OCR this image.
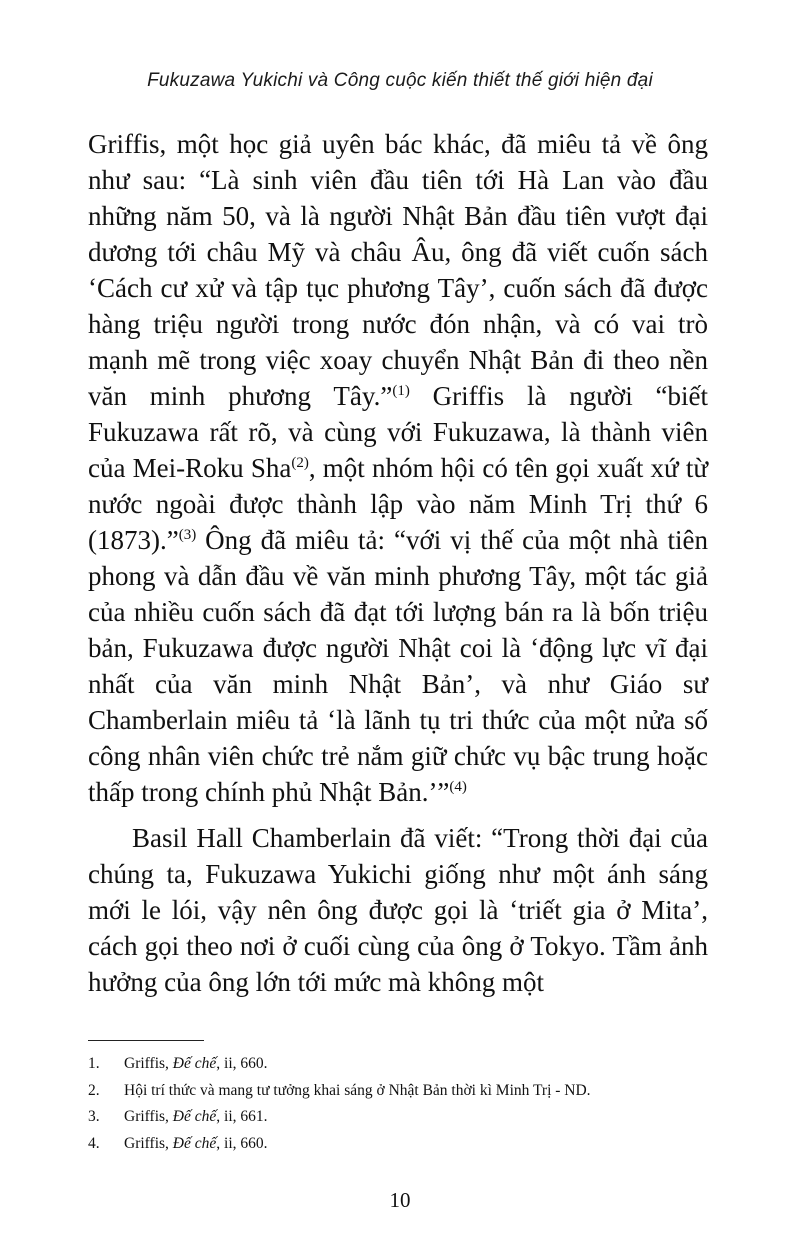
Fukuzawa Yukichi và Công cuộc kiến thiết thế giới hiện đại

Griffis, một học giả uyên bác khác, đã miêu tả về ông như sau: “Là sinh viên đầu tiên tới Hà Lan vào đầu những năm 50, và là người Nhật Bản đầu tiên vượt đại dương tới châu Mỹ và châu Âu, ông đã viết cuốn sách ‘Cách cư xử và tập tục phương Tây’, cuốn sách đã được hàng triệu người trong nước đón nhận, và có vai trò mạnh mẽ trong việc xoay chuyển Nhật Bản đi theo nền văn minh phương Tây.”$^{(1)}$ Griffis là người “biết Fukuzawa rất rõ, và cùng với Fukuzawa, là thành viên của Mei-Roku Sha$^{(2)}$, một nhóm hội có tên gọi xuất xứ từ nước ngoài được thành lập vào năm Minh Trị thứ 6 (1873).”$^{(3)}$ Ông đã miêu tả: “với vị thế của một nhà tiên phong và dẫn đầu về văn minh phương Tây, một tác giả của nhiều cuốn sách đã đạt tới lượng bán ra là bốn triệu bản, Fukuzawa được người Nhật coi là ‘động lực vĩ đại nhất của văn minh Nhật Bản’, và như Giáo sư Chamberlain miêu tả ‘là lãnh tụ tri thức của một nửa số công nhân viên chức trẻ nắm giữ chức vụ bậc trung hoặc thấp trong chính phủ Nhật Bản.’”$^{(4)}$

Basil Hall Chamberlain đã viết: “Trong thời đại của chúng ta, Fukuzawa Yukichi giống như một ánh sáng mới le lói, vậy nên ông được gọi là ‘triết gia ở Mita’, cách gọi theo nơi ở cuối cùng của ông ở Tokyo. Tầm ảnh hưởng của ông lớn tới mức mà không một

1. Griffis, Đế chế, ii, 660.
2. Hội trí thức và mang tư tưởng khai sáng ở Nhật Bản thời kì Minh Trị - ND.
3. Griffis, Đế chế, ii, 661.
4. Griffis, Đế chế, ii, 660.
10
